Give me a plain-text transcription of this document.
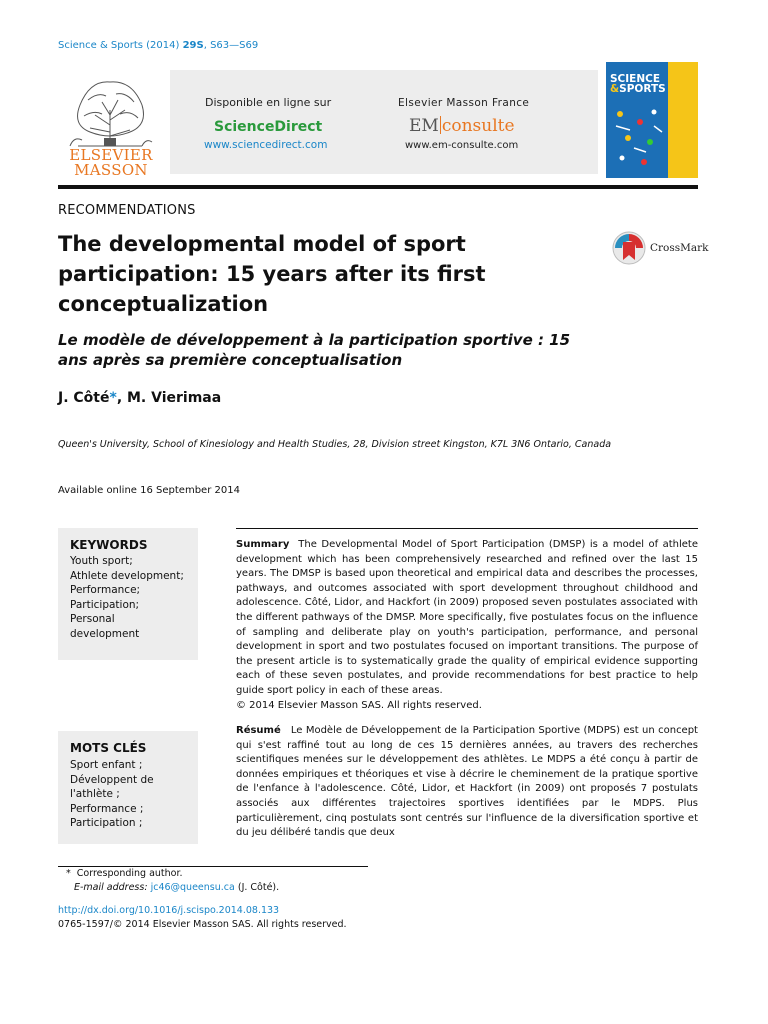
Science & Sports (2014) 29S, S63—S69
ELSEVIER
MASSON
Disponible en ligne sur
ScienceDirect
www.sciencedirect.com
Elsevier Masson France
EM consulte
www.em-consulte.com
SCIENCE
&SPORTS
RECOMMENDATIONS
CrossMark
The developmental model of sport participation: 15 years after its first conceptualization
Le modèle de développement à la participation sportive : 15 ans après sa première conceptualisation
J. Côté*, M. Vierimaa
Queen's University, School of Kinesiology and Health Studies, 28, Division street Kingston, K7L 3N6 Ontario, Canada
Available online 16 September 2014
KEYWORDS
Youth sport;
Athlete development;
Performance;
Participation;
Personal development
MOTS CLÉS
Sport enfant ;
Développent de l'athlète ;
Performance ;
Participation ;
Summary The Developmental Model of Sport Participation (DMSP) is a model of athlete development which has been comprehensively researched and refined over the last 15 years. The DMSP is based upon theoretical and empirical data and describes the processes, pathways, and outcomes associated with sport development throughout childhood and adolescence. Côté, Lidor, and Hackfort (in 2009) proposed seven postulates associated with the different pathways of the DMSP. More specifically, five postulates focus on the influence of sampling and deliberate play on youth's participation, performance, and personal development in sport and two postulates focused on important transitions. The purpose of the present article is to systematically grade the quality of empirical evidence supporting each of these seven postulates, and provide recommendations for best practice to help guide sport policy in each of these areas.
© 2014 Elsevier Masson SAS. All rights reserved.
Résumé Le Modèle de Développement de la Participation Sportive (MDPS) est un concept qui s'est raffiné tout au long de ces 15 dernières années, au travers des recherches scientifiques menées sur le développement des athlètes. Le MDPS a été conçu à partir de données empiriques et théoriques et vise à décrire le cheminement de la pratique sportive de l'enfance à l'adolescence. Côté, Lidor, et Hackfort (in 2009) ont proposés 7 postulats associés aux différentes trajectoires sportives identifiées par le MDPS. Plus particulièrement, cinq postulats sont centrés sur l'influence de la diversification sportive et du jeu délibéré tandis que deux
* Corresponding author.
E-mail address: jc46@queensu.ca (J. Côté).
http://dx.doi.org/10.1016/j.scispo.2014.08.133
0765-1597/© 2014 Elsevier Masson SAS. All rights reserved.
